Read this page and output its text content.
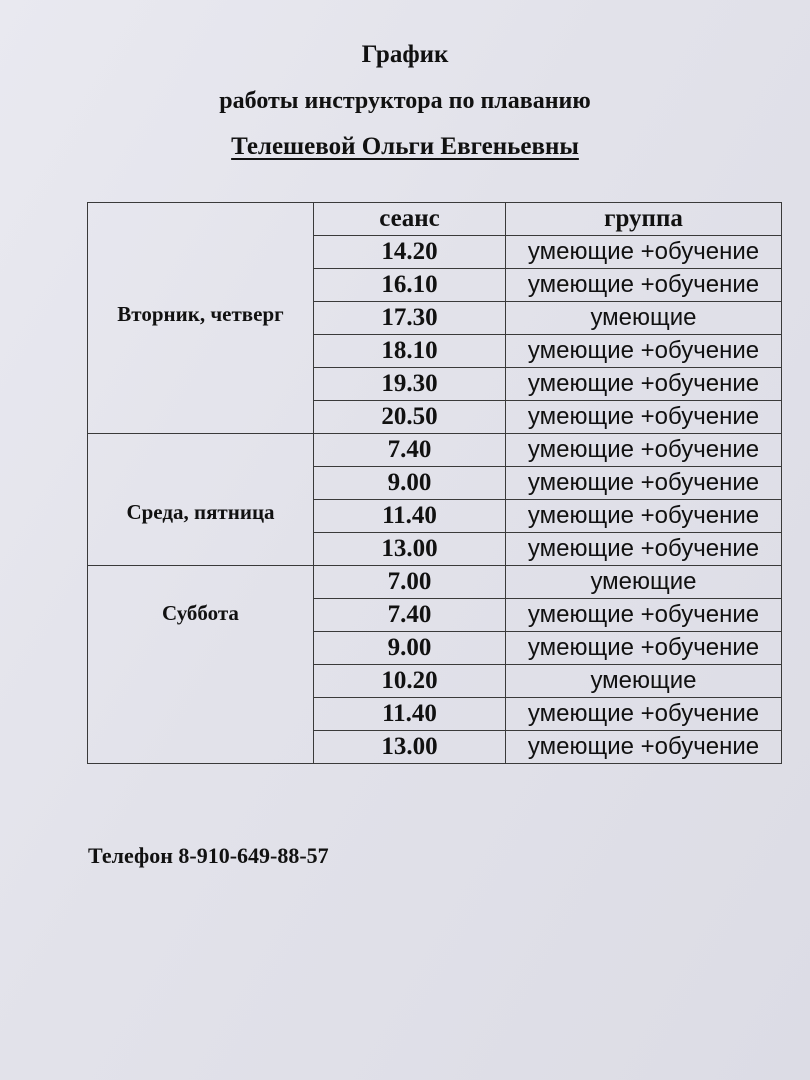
График
работы инструктора по плаванию
Телешевой Ольги Евгеньевны
	сеанс	группа

Вторник, четверг	14.20	умеющие +обучение
	16.10	умеющие +обучение
	17.30	умеющие
	18.10	умеющие +обучение
	19.30	умеющие +обучение
	20.50	умеющие +обучение

Среда, пятница	7.40	умеющие +обучение
	9.00	умеющие +обучение
	11.40	умеющие +обучение
	13.00	умеющие +обучение

Суббота	7.00	умеющие
	7.40	умеющие +обучение
	9.00	умеющие +обучение
	10.20	умеющие
	11.40	умеющие +обучение
	13.00	умеющие +обучение

Телефон 8-910-649-88-57
